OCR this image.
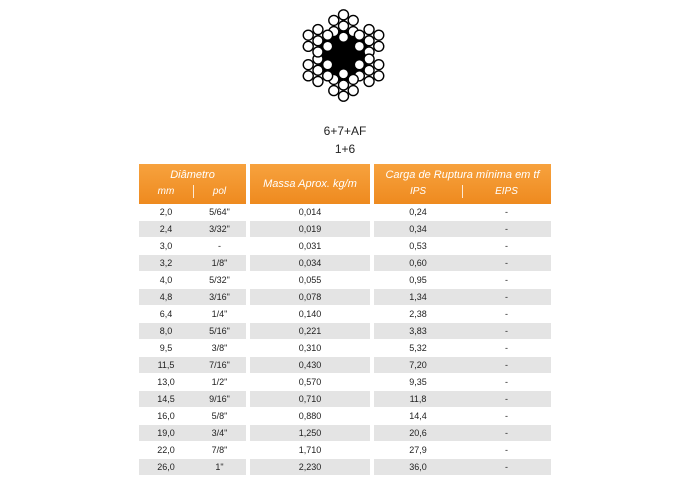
6+7+AF
1+6
Diâmetro
mm	pol
Massa Aprox. kg/m
Carga de Ruptura mínima em tf
IPS	EIPS
2,0	5/64"	0,014	0,24	-
2,4	3/32"	0,019	0,34	-
3,0	-	0,031	0,53	-
3,2	1/8"	0,034	0,60	-
4,0	5/32"	0,055	0,95	-
4,8	3/16"	0,078	1,34	-
6,4	1/4"	0,140	2,38	-
8,0	5/16"	0,221	3,83	-
9,5	3/8"	0,310	5,32	-
11,5	7/16"	0,430	7,20	-
13,0	1/2"	0,570	9,35	-
14,5	9/16"	0,710	11,8	-
16,0	5/8"	0,880	14,4	-
19,0	3/4"	1,250	20,6	-
22,0	7/8"	1,710	27,9	-
26,0	1"	2,230	36,0	-
